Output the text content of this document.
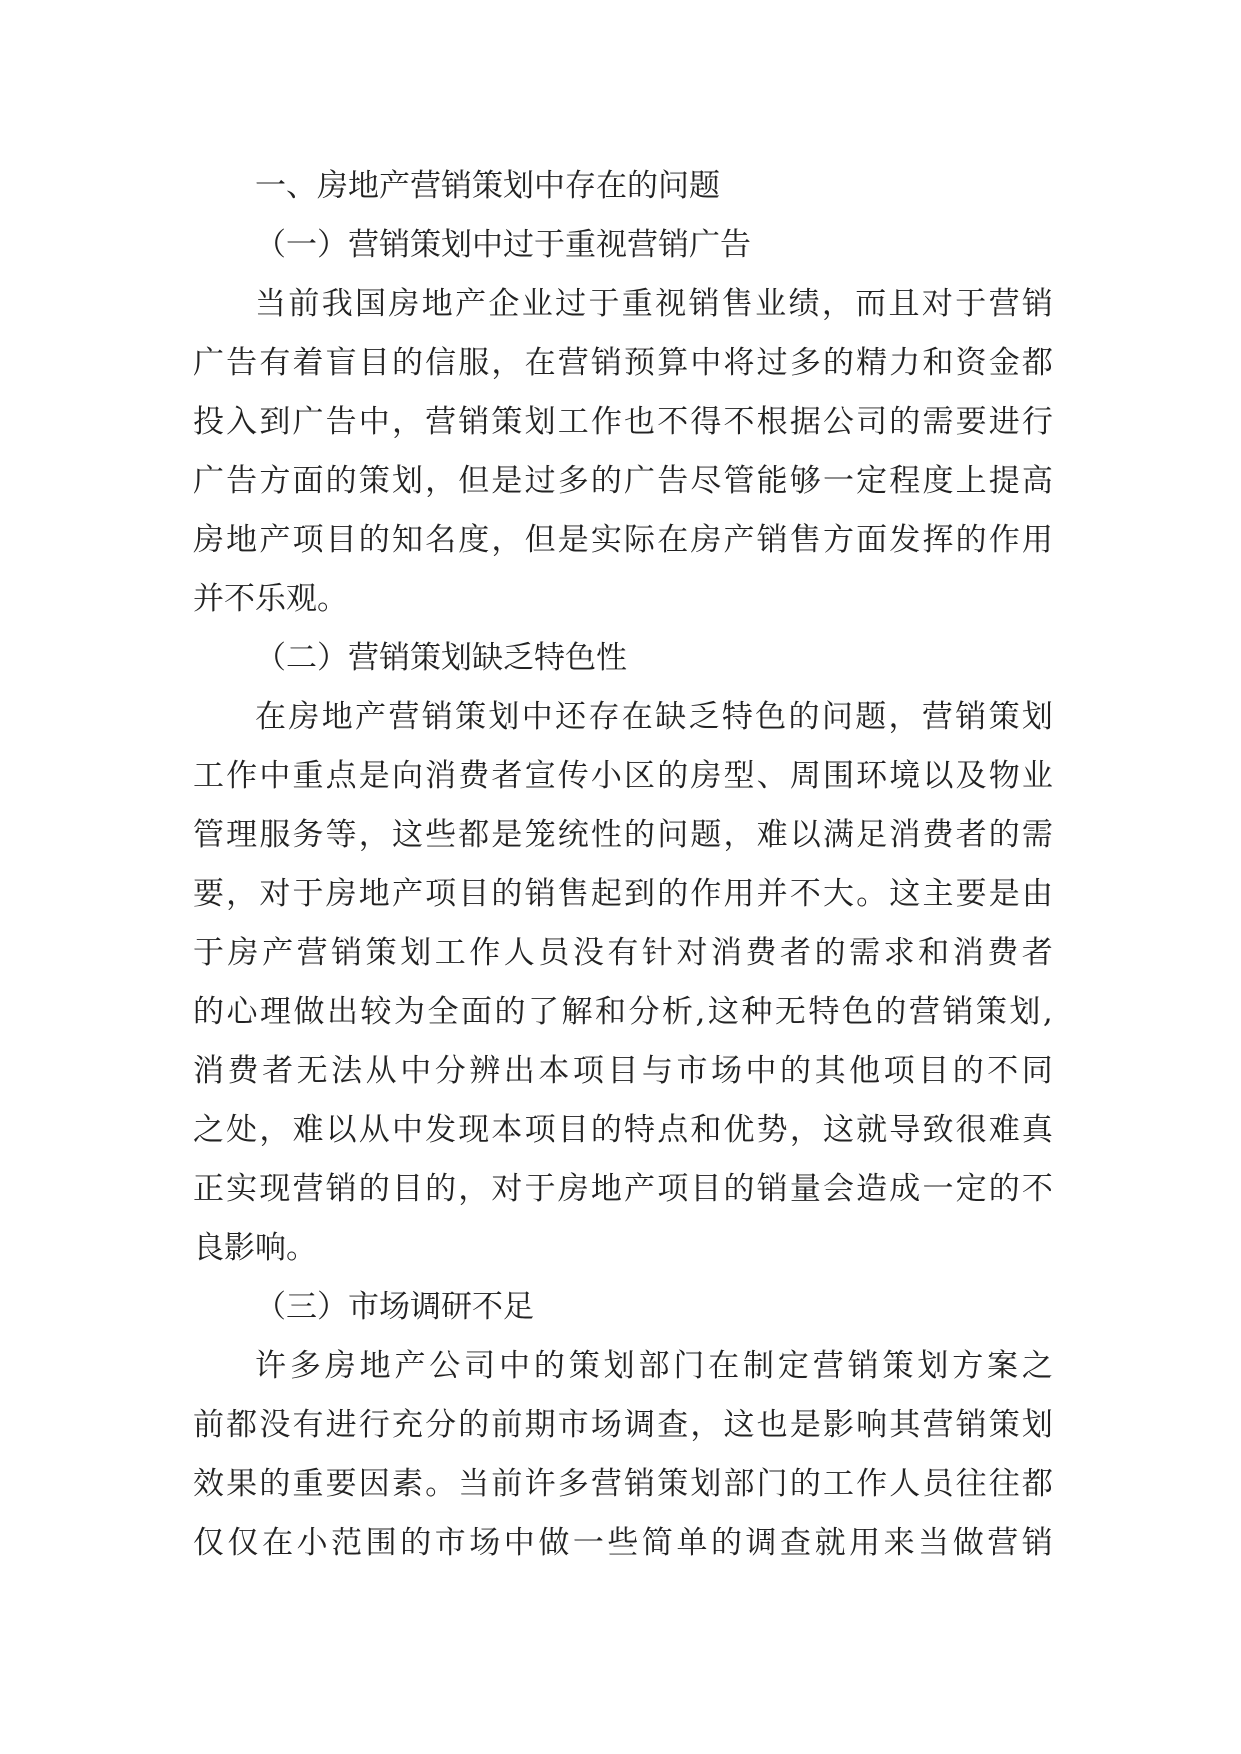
一、房地产营销策划中存在的问题
（一）营销策划中过于重视营销广告
当 前 我 国 房 地 产 企 业 过 于 重 视 销 售 业 绩 ， 而 且 对 于 营 销
广 告 有 着 盲 目 的 信 服 ， 在 营 销 预 算 中 将 过 多 的 精 力 和 资 金 都
投 入 到 广 告 中 ， 营 销 策 划 工 作 也 不 得 不 根 据 公 司 的 需 要 进 行
广 告 方 面 的 策 划 ， 但 是 过 多 的 广 告 尽 管 能 够 一 定 程 度 上 提 高
房 地 产 项 目 的 知 名 度 ， 但 是 实 际 在 房 产 销 售 方 面 发 挥 的 作 用
并不乐观。
（二）营销策划缺乏特色性
在 房 地 产 营 销 策 划 中 还 存 在 缺 乏 特 色 的 问 题 ， 营 销 策 划
工 作 中 重 点 是 向 消 费 者 宣 传 小 区 的 房 型 、 周 围 环 境 以 及 物 业
管 理 服 务 等 ， 这 些 都 是 笼 统 性 的 问 题 ， 难 以 满 足 消 费 者 的 需
要 ， 对 于 房 地 产 项 目 的 销 售 起 到 的 作 用 并 不 大 。 这 主 要 是 由
于 房 产 营 销 策 划 工 作 人 员 没 有 针 对 消 费 者 的 需 求 和 消 费 者
的 心 理 做 出 较 为 全 面 的 了 解 和 分 析 , 这 种 无 特 色 的 营 销 策 划 ,
消 费 者 无 法 从 中 分 辨 出 本 项 目 与 市 场 中 的 其 他 项 目 的 不 同
之 处 ， 难 以 从 中 发 现 本 项 目 的 特 点 和 优 势 ， 这 就 导 致 很 难 真
正 实 现 营 销 的 目 的 ， 对 于 房 地 产 项 目 的 销 量 会 造 成 一 定 的 不
良影响。
（三）市场调研不足
许 多 房 地 产 公 司 中 的 策 划 部 门 在 制 定 营 销 策 划 方 案 之
前 都 没 有 进 行 充 分 的 前 期 市 场 调 查 ， 这 也 是 影 响 其 营 销 策 划
效 果 的 重 要 因 素 。 当 前 许 多 营 销 策 划 部 门 的 工 作 人 员 往 往 都
仅 仅 在 小 范 围 的 市 场 中 做 一 些 简 单 的 调 查 就 用 来 当 做 营 销
